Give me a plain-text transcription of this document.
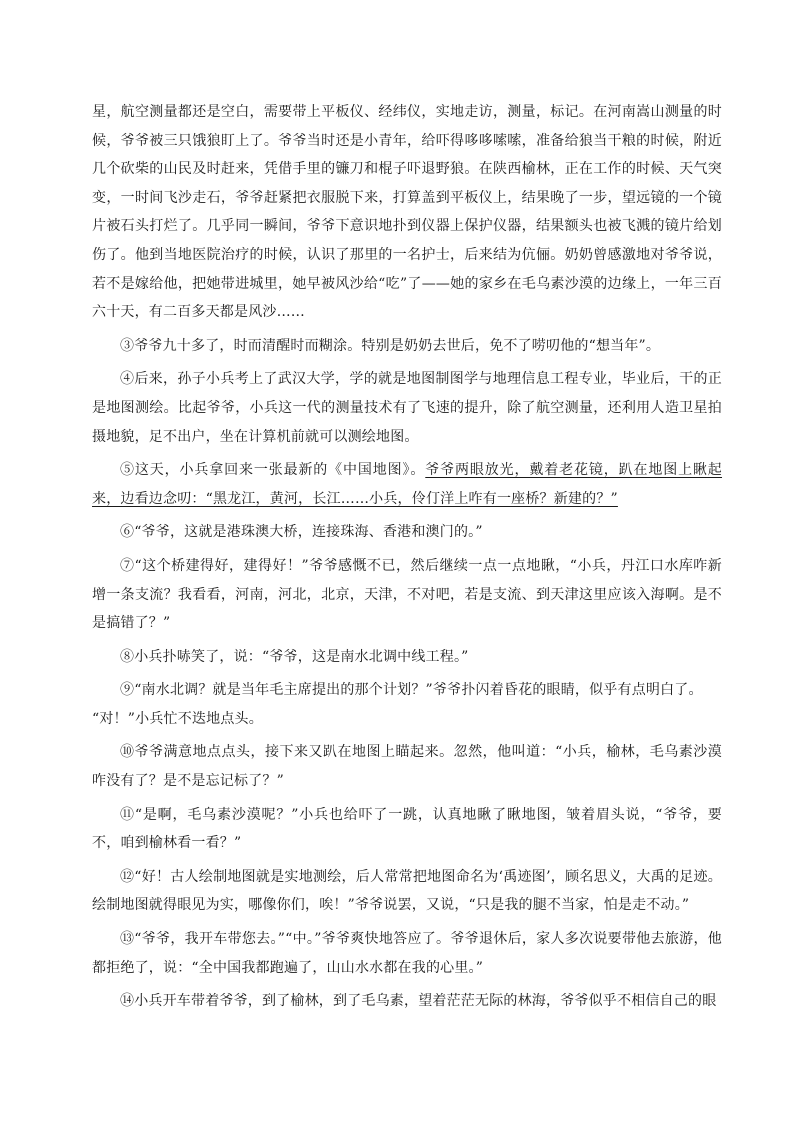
星，航空测量都还是空白，需要带上平板仪、经纬仪，实地走访，测量，标记。在河南嵩山测量的时候，爷爷被三只饿狼盯上了。爷爷当时还是小青年，给吓得哆哆嗦嗦，准备给狼当干粮的时候，附近几个砍柴的山民及时赶来，凭借手里的镰刀和棍子吓退野狼。在陕西榆林，正在工作的时候、天气突变，一时间飞沙走石，爷爷赶紧把衣服脱下来，打算盖到平板仪上，结果晚了一步，望远镜的一个镜片被石头打烂了。几乎同一瞬间，爷爷下意识地扑到仪器上保护仪器，结果额头也被飞溅的镜片给划伤了。他到当地医院治疗的时候，认识了那里的一名护士，后来结为伉俪。奶奶曾感激地对爷爷说，若不是嫁给他，把她带进城里，她早被风沙给“吃”了——她的家乡在毛乌素沙漠的边缘上，一年三百六十天，有二百多天都是风沙……

③爷爷九十多了，时而清醒时而糊涂。特别是奶奶去世后，免不了唠叨他的“想当年”。

④后来，孙子小兵考上了武汉大学，学的就是地图制图学与地理信息工程专业，毕业后，干的正是地图测绘。比起爷爷，小兵这一代的测量技术有了飞速的提升，除了航空测量，还利用人造卫星拍摄地貌，足不出户，坐在计算机前就可以测绘地图。

⑤这天，小兵拿回来一张最新的《中国地图》。爷爷两眼放光，戴着老花镜，趴在地图上瞅起来，边看边念叨：“黑龙江，黄河，长江……小兵，伶仃洋上咋有一座桥？新建的？”

⑥“爷爷，这就是港珠澳大桥，连接珠海、香港和澳门的。”

⑦“这个桥建得好，建得好！”爷爷感慨不已，然后继续一点一点地瞅，“小兵，丹江口水库咋新增一条支流？我看看，河南，河北，北京，天津，不对吧，若是支流、到天津这里应该入海啊。是不是搞错了？”

⑧小兵扑哧笑了，说：“爷爷，这是南水北调中线工程。”

⑨“南水北调？就是当年毛主席提出的那个计划？”爷爷扑闪着昏花的眼睛，似乎有点明白了。

“对！”小兵忙不迭地点头。

⑩爷爷满意地点点头，接下来又趴在地图上瞄起来。忽然，他叫道：“小兵，榆林，毛乌素沙漠咋没有了？是不是忘记标了？”

⑪“是啊，毛乌素沙漠呢？”小兵也给吓了一跳，认真地瞅了瞅地图，皱着眉头说，“爷爷，要不，咱到榆林看一看？”

⑫“好！古人绘制地图就是实地测绘，后人常常把地图命名为‘禹迹图’，顾名思义，大禹的足迹。绘制地图就得眼见为实，哪像你们，唉！”爷爷说罢，又说，“只是我的腿不当家，怕是走不动。”

⑬“爷爷，我开车带您去。”“中。”爷爷爽快地答应了。爷爷退休后，家人多次说要带他去旅游，他都拒绝了，说：“全中国我都跑遍了，山山水水都在我的心里。”

⑭小兵开车带着爷爷，到了榆林，到了毛乌素，望着茫茫无际的林海，爷爷似乎不相信自己的眼
